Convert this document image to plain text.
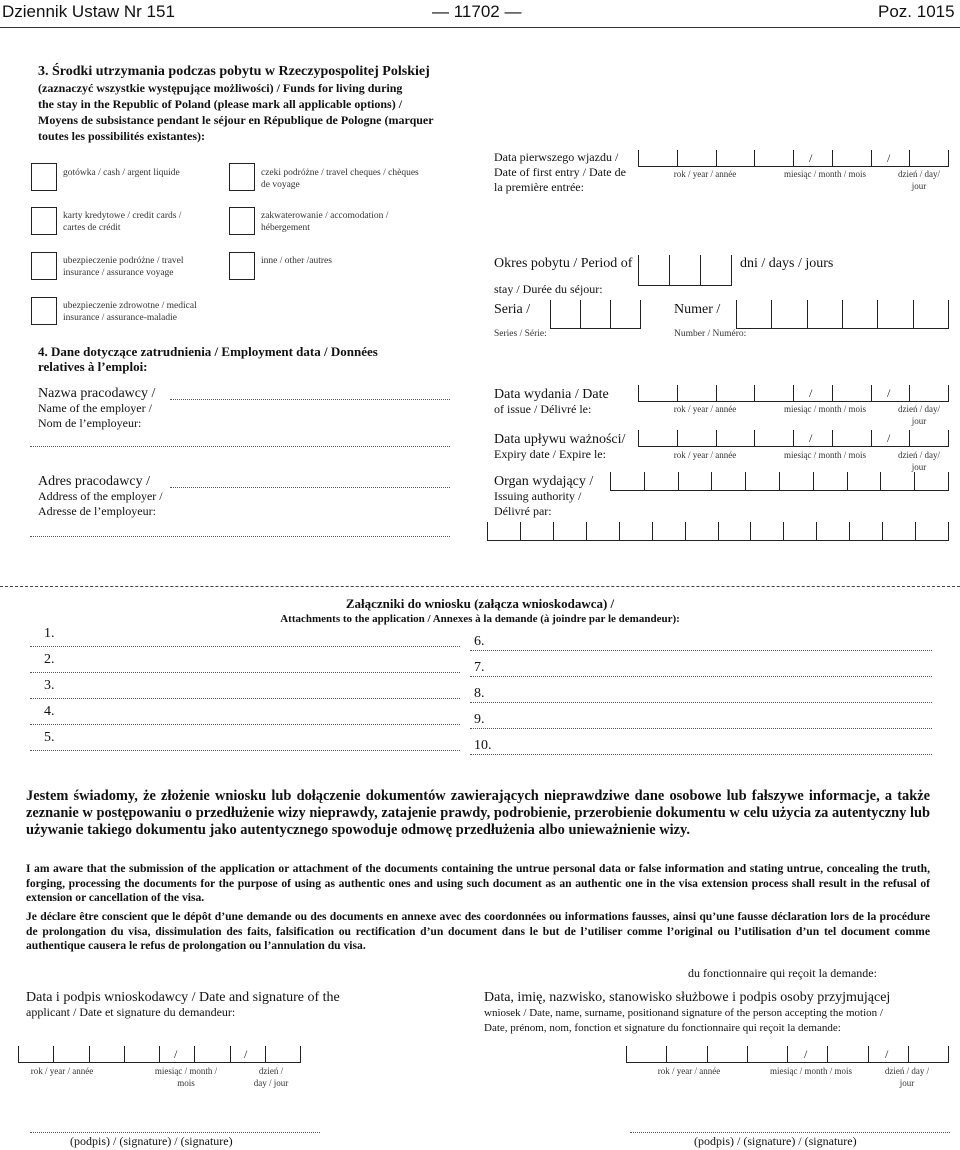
Dziennik Ustaw Nr 151	— 11702 —	Poz. 1015
3. Środki utrzymania podczas pobytu w Rzeczypospolitej Polskiej
(zaznaczyć wszystkie występujące możliwości) / Funds for living during
the stay in the Republic of Poland (please mark all applicable options) /
Moyens de subsistance pendant le séjour en République de Pologne (marquer
toutes les possibilités existantes):
gotówka / cash / argent liquide	czeki podróżne / travel cheques / chèques
de voyage
karty kredytowe / credit cards /
cartes de crédit
zakwaterowanie / accomodation /
hébergement
ubezpieczenie podróżne / travel
insurance / assurance voyage
inne / other /autres
ubezpieczenie zdrowotne / medical
insurance / assurance-maladie
4. Dane dotyczące zatrudnienia / Employment data / Données
relatives à l’emploi:
Nazwa pracodawcy /
Name of the employer /
Nom de l’employeur:
Adres pracodawcy /
Address of the employer /
Adresse de l’employeur:
Data pierwszego wjazdu /
Date of first entry / Date de
la première entrée:
rok / year / année	miesiąc / month / mois	dzień / day/
jour
Okres pobytu / Period of
stay / Durée du séjour:
dni / days / jours
Seria /
Series / Série:
Numer /
Number / Numéro:
Data wydania / Date
of issue / Délivré le:	rok / year / année	miesiąc / month / mois	dzień / day/
jour
Data upływu ważności/
Expiry date / Expire le:	rok / year / année	miesiąc / month / mois	dzień / day/
jour
Organ wydający /
Issuing authority /
Délivré par:
Załączniki do wniosku (załącza wnioskodawca) /
Attachments to the application / Annexes à la demande (à joindre par le demandeur):
Jestem świadomy, że złożenie wniosku lub dołączenie dokumentów zawierających nieprawdziwe dane osobowe lub fałszywe informacje, a także zeznanie w postępowaniu o przedłużenie wizy nieprawdy, zatajenie prawdy, podrobienie, przerobienie dokumentu w celu użycia za autentyczny lub używanie takiego dokumentu jako autentycznego spowoduje odmowę przedłużenia albo unieważnienie wizy.
I am aware that the submission of the application or attachment of the documents containing the untrue personal data or false information and stating untrue, concealing the truth, forging, processing the documents for the purpose of using as authentic ones and using such document as an authentic one in the visa extension process shall result in the refusal of extension or cancellation of the visa.
Je déclare être conscient que le dépôt d’une demande ou des documents en annexe avec des coordonnées ou informations fausses, ainsi qu’une fausse déclaration lors de la procédure de prolongation du visa, dissimulation des faits, falsification ou rectification d’un document dans le but de l’utiliser comme l’original ou l’utilisation d’un tel document comme authentique causera le refus de prolongation ou l’annulation du visa.
du fonctionnaire qui reçoit la demande:
Data i podpis wnioskodawcy / Date and signature of the
applicant / Date et signature du demandeur:
rok / year / année	miesiąc / month /
mois
dzień /
day / jour
Data, imię, nazwisko, stanowisko służbowe i podpis osoby przyjmującej
wniosek / Date, name, surname, positionand signature of the person accepting the motion /
Date, prénom, nom, fonction et signature du fonctionnaire qui reçoit la demande:
rok / year / année	miesiąc / month / mois	dzień / day /
jour
(podpis) / (signature) / (signature)	(podpis) / (signature) / (signature)
/	/
/	/
/	/
/	/	/	/
1.
6.
2.
7.
3.
8.
4.
9.
5.
10.
